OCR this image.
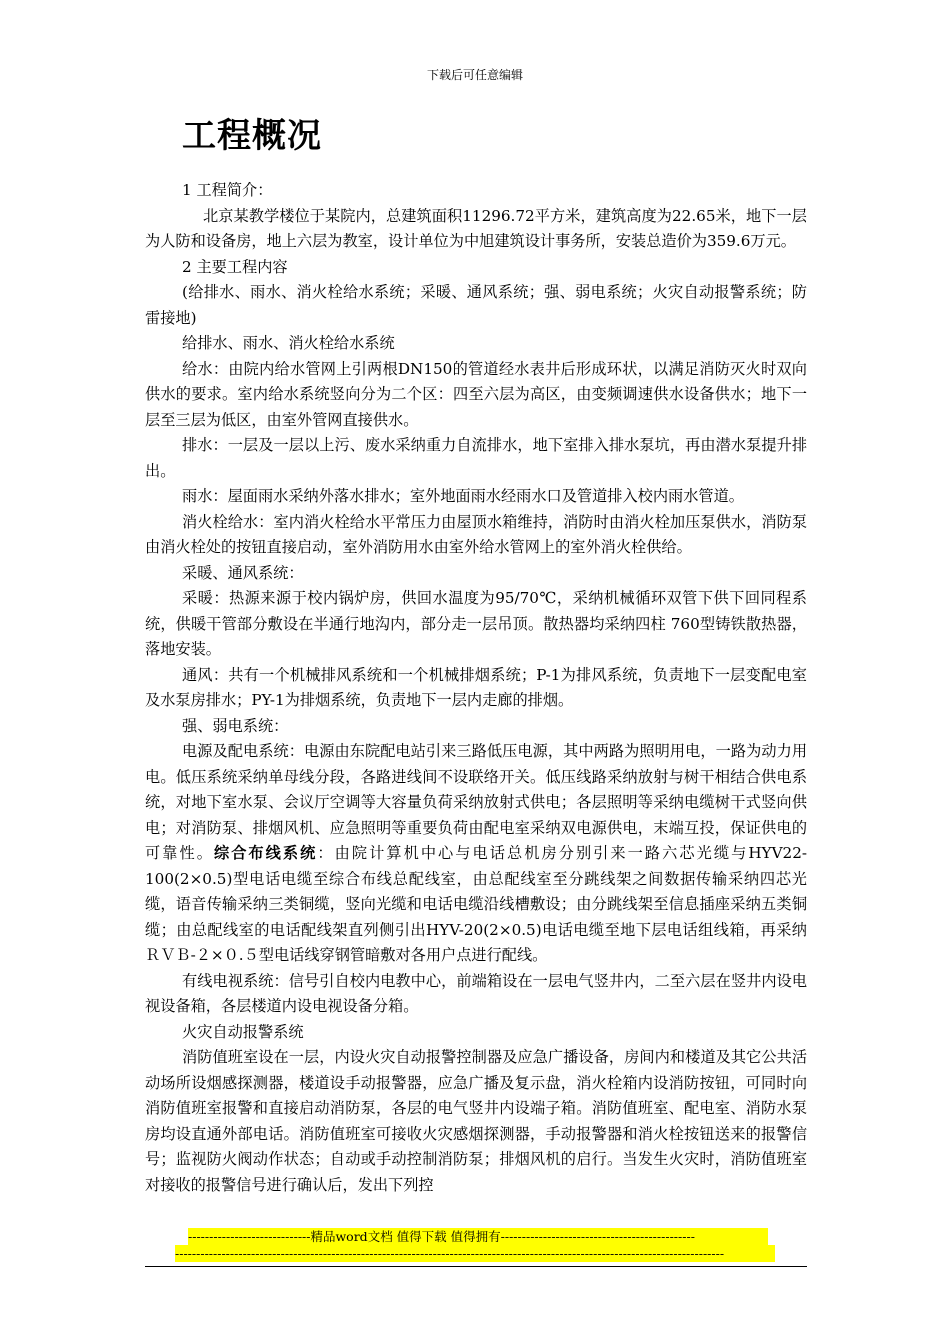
下载后可任意编辑
工程概况

1 工程简介：

北京某教学楼位于某院内，总建筑面积11296.72平方米，建筑高度为22.65米，地下一层为人防和设备房，地上六层为教室，设计单位为中旭建筑设计事务所，安装总造价为359.6万元。

2 主要工程内容

(给排水、雨水、消火栓给水系统；采暖、通风系统；强、弱电系统；火灾自动报警系统；防雷接地)

给排水、雨水、消火栓给水系统

给水：由院内给水管网上引两根DN150的管道经水表井后形成环状，以满足消防灭火时双向供水的要求。室内给水系统竖向分为二个区：四至六层为高区，由变频调速供水设备供水；地下一层至三层为低区，由室外管网直接供水。

排水：一层及一层以上污、废水采纳重力自流排水，地下室排入排水泵坑，再由潜水泵提升排出。

雨水：屋面雨水采纳外落水排水；室外地面雨水经雨水口及管道排入校内雨水管道。

消火栓给水：室内消火栓给水平常压力由屋顶水箱维持，消防时由消火栓加压泵供水，消防泵由消火栓处的按钮直接启动，室外消防用水由室外给水管网上的室外消火栓供给。

采暖、通风系统：

采暖：热源来源于校内锅炉房，供回水温度为95/70℃，采纳机械循环双管下供下回同程系统，供暖干管部分敷设在半通行地沟内，部分走一层吊顶。散热器均采纳四柱 760型铸铁散热器，落地安装。

通风：共有一个机械排风系统和一个机械排烟系统；P-1为排风系统，负责地下一层变配电室及水泵房排水；PY-1为排烟系统，负责地下一层内走廊的排烟。

强、弱电系统：

电源及配电系统：电源由东院配电站引来三路低压电源，其中两路为照明用电，一路为动力用电。低压系统采纳单母线分段，各路进线间不设联络开关。低压线路采纳放射与树干相结合供电系统，对地下室水泵、会议厅空调等大容量负荷采纳放射式供电；各层照明等采纳电缆树干式竖向供电；对消防泵、排烟风机、应急照明等重要负荷由配电室采纳双电源供电，末端互投，保证供电的可靠性。综合布线系统：由院计算机中心与电话总机房分别引来一路六芯光缆与HYV22-100(2×0.5)型电话电缆至综合布线总配线室，由总配线室至分跳线架之间数据传输采纳四芯光缆，语音传输采纳三类铜缆，竖向光缆和电话电缆沿线槽敷设；由分跳线架至信息插座采纳五类铜缆；由总配线室的电话配线架直列侧引出HYV-20(2×0.5)电话电缆至地下层电话组线箱，再采纳ＲＶＢ-２×０.５型电话线穿钢管暗敷对各用户点进行配线。

有线电视系统：信号引自校内电教中心，前端箱设在一层电气竖井内，二至六层在竖井内设电视设备箱，各层楼道内设电视设备分箱。

火灾自动报警系统

消防值班室设在一层，内设火灾自动报警控制器及应急广播设备，房间内和楼道及其它公共活动场所设烟感探测器，楼道设手动报警器，应急广播及复示盘，消火栓箱内设消防按钮，可同时向消防值班室报警和直接启动消防泵，各层的电气竖井内设端子箱。消防值班室、配电室、消防水泵房均设直通外部电话。消防值班室可接收火灾感烟探测器，手动报警器和消火栓按钮送来的报警信号；监视防火阀动作状态；自动或手动控制消防泵；排烟风机的启行。当发生火灾时，消防值班室对接收的报警信号进行确认后，发出下列控

-----------------------------精品word文档 值得下载 值得拥有----------------------------------------------
----------------------------------------------------------------------------------------------------------------------------------
